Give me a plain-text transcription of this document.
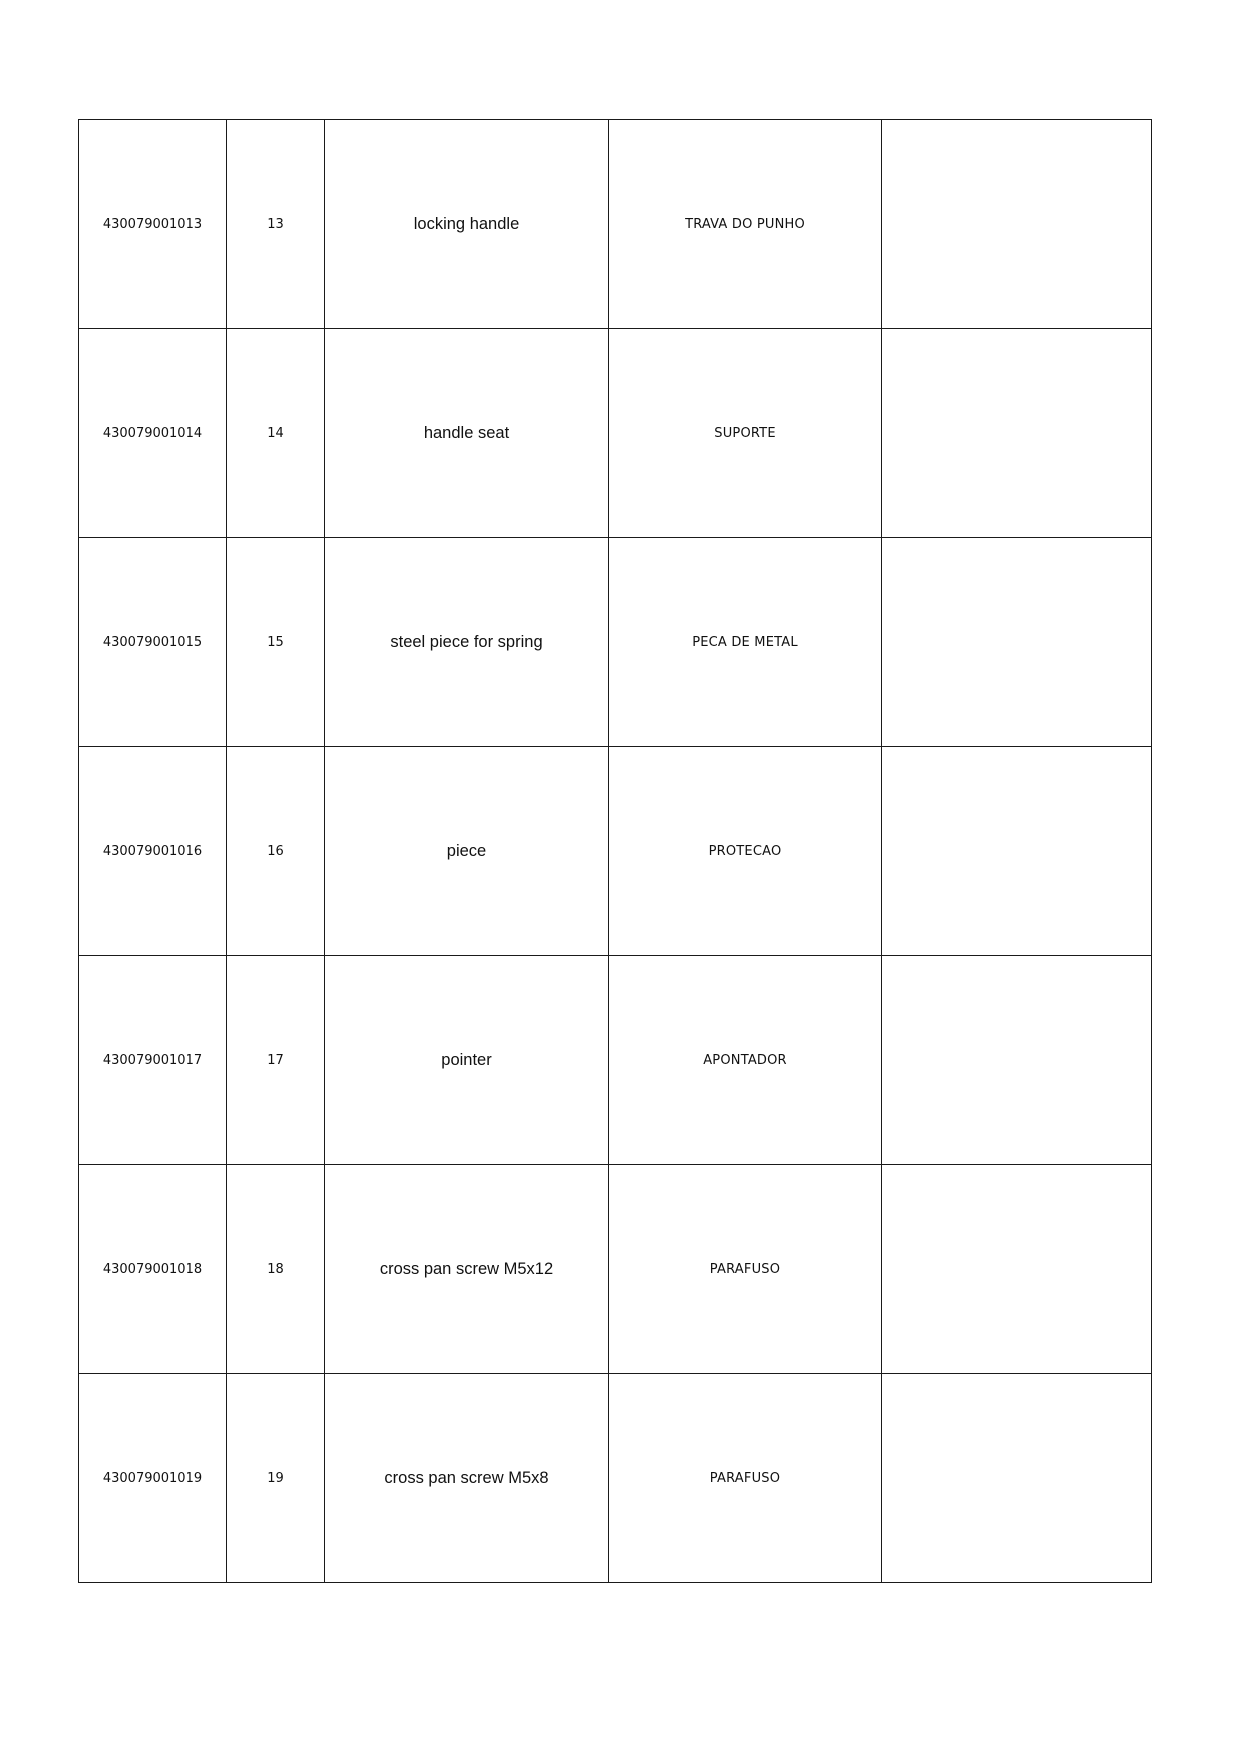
430079001013	13	locking handle	TRAVA DO PUNHO	
430079001014	14	handle seat	SUPORTE	
430079001015	15	steel piece for spring	PECA DE METAL	
430079001016	16	piece	PROTECAO	
430079001017	17	pointer	APONTADOR	
430079001018	18	cross pan screw M5x12	PARAFUSO	
430079001019	19	cross pan screw M5x8	PARAFUSO	
